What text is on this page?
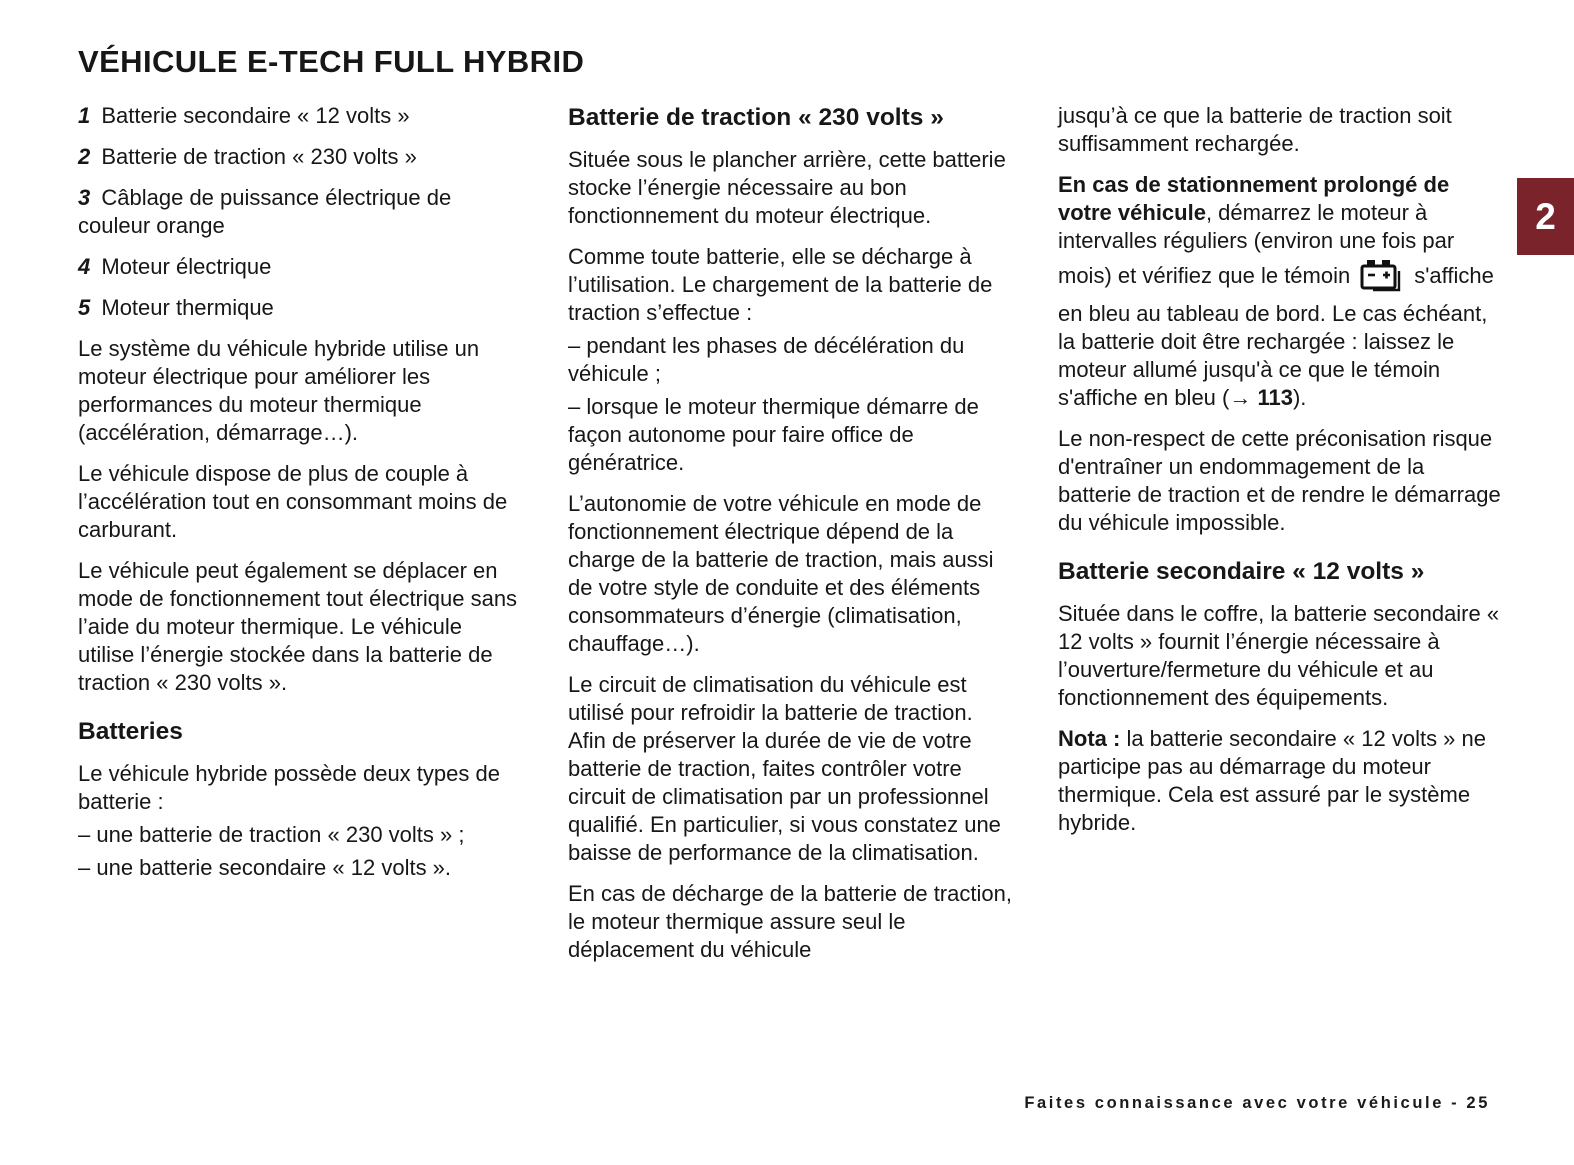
VÉHICULE E-TECH FULL HYBRID

1 Batterie secondaire « 12 volts »

2 Batterie de traction « 230 volts »

3 Câblage de puissance électrique de couleur orange

4 Moteur électrique

5 Moteur thermique

Le système du véhicule hybride utilise un moteur électrique pour améliorer les performances du moteur thermique (accélération, démarrage…).

Le véhicule dispose de plus de couple à l’accélération tout en consommant moins de carburant.

Le véhicule peut également se déplacer en mode de fonctionnement tout électrique sans l’aide du moteur thermique. Le véhicule utilise l’énergie stockée dans la batterie de traction « 230 volts ».

Batteries

Le véhicule hybride possède deux types de batterie :

– une batterie de traction « 230 volts » ;

– une batterie secondaire « 12 volts ».

Batterie de traction « 230 volts »

Située sous le plancher arrière, cette batterie stocke l’énergie nécessaire au bon fonctionnement du moteur électrique.

Comme toute batterie, elle se décharge à l’utilisation. Le chargement de la batterie de traction s’effectue :

– pendant les phases de décélération du véhicule ;

– lorsque le moteur thermique démarre de façon autonome pour faire office de génératrice.

L’autonomie de votre véhicule en mode de fonctionnement électrique dépend de la charge de la batterie de traction, mais aussi de votre style de conduite et des éléments consommateurs d’énergie (climatisation, chauffage…).

Le circuit de climatisation du véhicule est utilisé pour refroidir la batterie de traction. Afin de préserver la durée de vie de votre batterie de traction, faites contrôler votre circuit de climatisation par un professionnel qualifié. En particulier, si vous constatez une baisse de performance de la climatisation.

En cas de décharge de la batterie de traction, le moteur thermique assure seul le déplacement du véhicule

jusqu’à ce que la batterie de traction soit suffisamment rechargée.

En cas de stationnement prolongé de votre véhicule, démarrez le moteur à intervalles réguliers (environ une fois par mois) et vérifiez que le témoin	s'affiche en bleu au tableau de bord. Le cas échéant, la batterie doit être rechargée : laissez le moteur allumé jusqu'à ce que le témoin s'affiche en bleu (→ 113).

Le non-respect de cette préconisation risque d'entraîner un endommagement de la batterie de traction et de rendre le démarrage du véhicule impossible.

Batterie secondaire « 12 volts »

Située dans le coffre, la batterie secondaire « 12 volts » fournit l’énergie nécessaire à l’ouverture/fermeture du véhicule et au fonctionnement des équipements.

Nota : la batterie secondaire « 12 volts » ne participe pas au démarrage du moteur thermique. Cela est assuré par le système hybride.

2
Faites connaissance avec votre véhicule - 25
